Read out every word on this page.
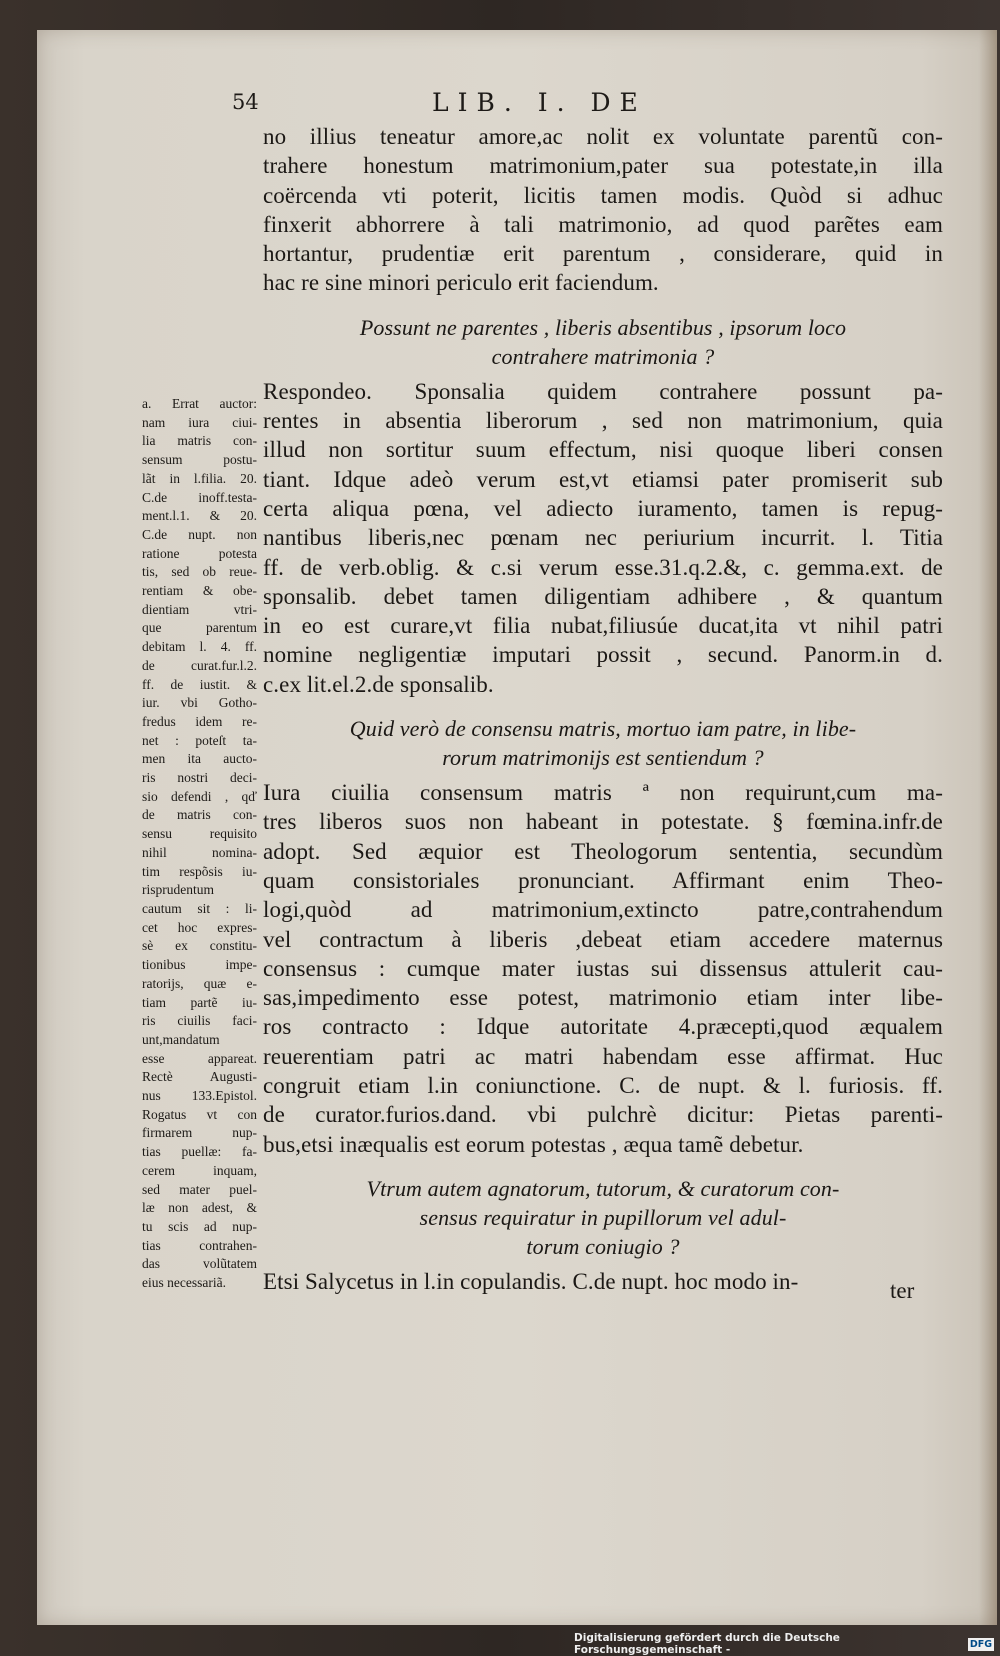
54	LIB. I. DE
no illius teneatur amore,ac nolit ex voluntate parentũ con-
trahere honestum matrimonium,pater sua potestate,in illa
coërcenda vti poterit, licitis tamen modis. Quòd si adhuc
finxerit abhorrere à tali matrimonio, ad quod parẽtes eam
hortantur, prudentiæ erit parentum , considerare, quid in
hac re sine minori periculo erit faciendum.
Possunt ne parentes , liberis absentibus , ipsorum loco
contrahere matrimonia ?
Respondeo. Sponsalia quidem contrahere possunt pa-
rentes in absentia liberorum , sed non matrimonium, quia
illud non sortitur suum effectum, nisi quoque liberi consen
tiant. Idque adeò verum est,vt etiamsi pater promiserit sub
certa aliqua pœna, vel adiecto iuramento, tamen is repug-
nantibus liberis,nec pœnam nec periurium incurrit. l. Titia
ff. de verb.oblig. & c.si verum esse.31.q.2.&, c. gemma.ext. de
sponsalib. debet tamen diligentiam adhibere , & quantum
in eo est curare,vt filia nubat,filiusúe ducat,ita vt nihil patri
nomine negligentiæ imputari possit , secund. Panorm.in d.
c.ex lit.el.2.de sponsalib.
Quid verò de consensu matris, mortuo iam patre, in libe-
rorum matrimonijs est sentiendum ?
Iura ciuilia consensum matris ª non requirunt,cum ma-
tres liberos suos non habeant in potestate. § fœmina.infr.de
adopt. Sed æquior est Theologorum sententia, secundùm
quam consistoriales pronunciant. Affirmant enim Theo-
logi,quòd ad matrimonium,extincto patre,contrahendum
vel contractum à liberis ,debeat etiam accedere maternus
consensus : cumque mater iustas sui dissensus attulerit cau-
sas,impedimento esse potest, matrimonio etiam inter libe-
ros contracto : Idque autoritate 4.præcepti,quod æqualem
reuerentiam patri ac matri habendam esse affirmat. Huc
congruit etiam l.in coniunctione. C. de nupt. & l. furiosis. ff.
de curator.furios.dand. vbi pulchrè dicitur: Pietas parenti-
bus,etsi inæqualis est eorum potestas , æqua tamẽ debetur.
Vtrum autem agnatorum, tutorum, & curatorum con-
sensus requiratur in pupillorum vel adul-
torum coniugio ?
Etsi Salycetus in l.in copulandis. C.de nupt. hoc modo in-
a. Errat auctor:
nam iura ciui-
lia matris con-
sensum postu-
lãt in l.filia. 20.
C.de inoff.testa-
ment.l.1. & 20.
C.de nupt. non
ratione potesta
tis, sed ob reue-
rentiam & obe-
dientiam vtri-
que parentum
debitam l. 4. ff.
de curat.fur.l.2.
ff. de iustit. &
iur. vbi Gotho-
fredus idem re-
net : poteſt ta-
men ita aucto-
ris nostri deci-
sio defendi , qď
de matris con-
sensu requisito
nihil nomina-
tim respõsis iu-
risprudentum
cautum sit : li-
cet hoc expres-
sè ex constitu-
tionibus impe-
ratorijs, quæ e-
tiam partẽ iu-
ris ciuilis faci-
unt,mandatum
esse appareat.
Rectè Augusti-
nus 133.Epistol.
Rogatus vt con
firmarem nup-
tias puellæ: fa-
cerem inquam,
sed mater puel-
læ non adest, &
tu scis ad nup-
tias contrahen-
das volũtatem
eius necessariã.	ter
Digitalisierung gefördert durch die Deutsche Forschungsgemeinschaft -	DFG
